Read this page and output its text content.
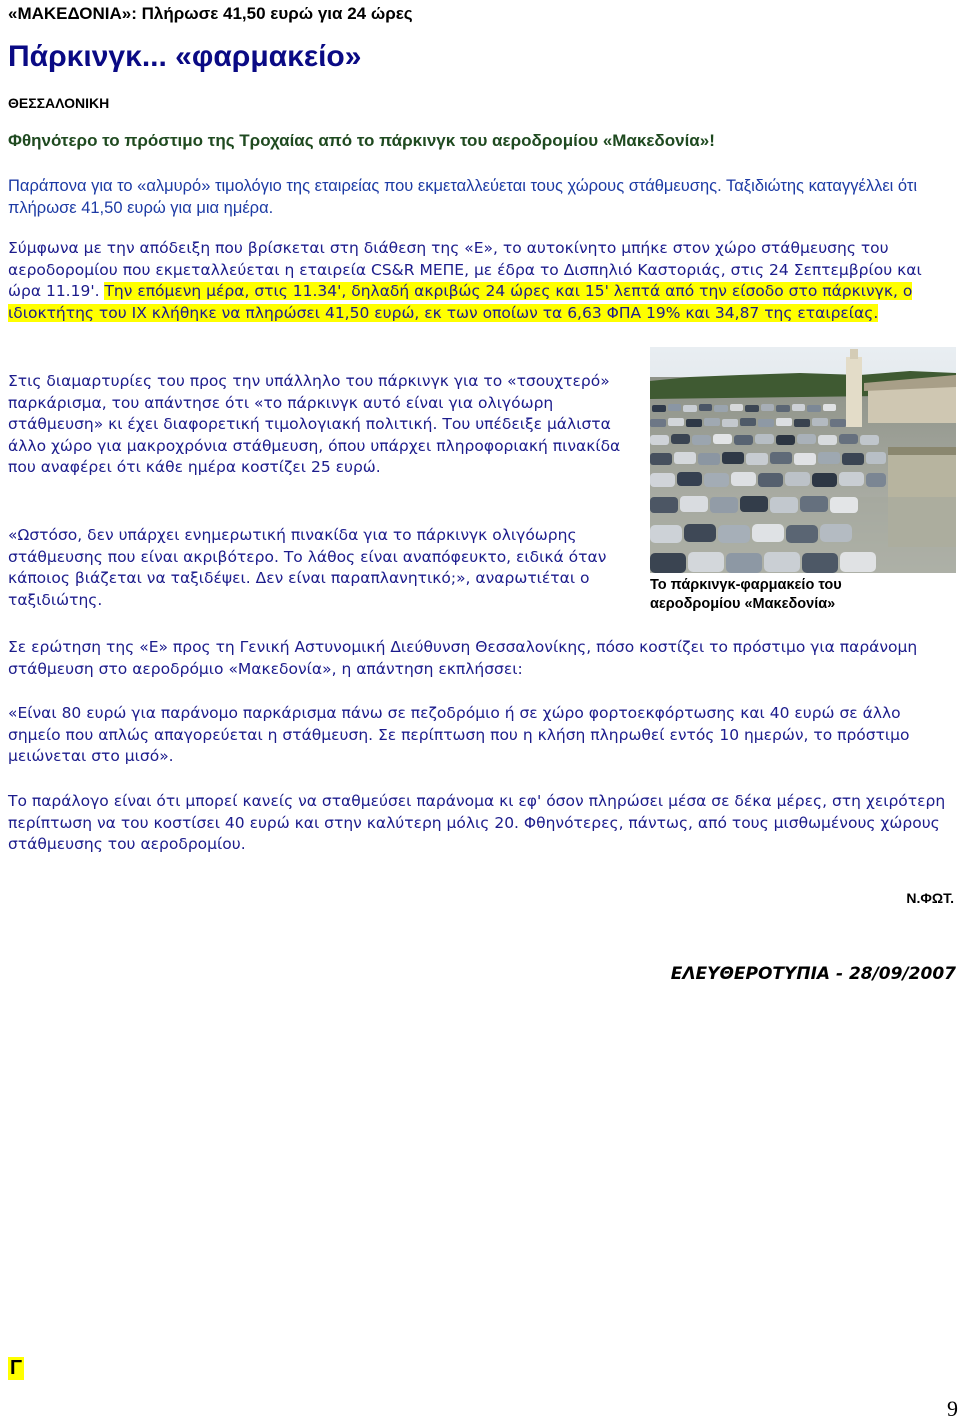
«ΜΑΚΕΔΟΝΙΑ»: Πλήρωσε 41,50 ευρώ για 24 ώρες
Πάρκινγκ... «φαρμακείο»
ΘΕΣΣΑΛΟΝΙΚΗ
Φθηνότερο το πρόστιμο της Τροχαίας από το πάρκινγκ του αεροδρομίου «Μακεδονία»!
Παράπονα για το «αλμυρό» τιμολόγιο της εταιρείας που εκμεταλλεύεται τους χώρους στάθμευσης. Ταξιδιώτης καταγγέλλει ότι πλήρωσε 41,50 ευρώ για μια ημέρα.
Σύμφωνα με την απόδειξη που βρίσκεται στη διάθεση της «Ε», το αυτοκίνητο μπήκε στον χώρο στάθμευσης του αεροδορομίου που εκμεταλλεύεται η εταιρεία CS&R ΜΕΠΕ, με έδρα το Δισπηλιό Καστοριάς, στις 24 Σεπτεμβρίου και ώρα 11.19'. Την επόμενη μέρα, στις 11.34', δηλαδή ακριβώς 24 ώρες και 15' λεπτά από την είσοδο στο πάρκινγκ, ο ιδιοκτήτης του ΙΧ κλήθηκε να πληρώσει 41,50 ευρώ, εκ των οποίων τα 6,63 ΦΠΑ 19% και 34,87 της εταιρείας.
Στις διαμαρτυρίες του προς την υπάλληλο του πάρκινγκ για το «τσουχτερό» παρκάρισμα, του απάντησε ότι «το πάρκινγκ αυτό είναι για ολιγόωρη στάθμευση» κι έχει διαφορετική τιμολογιακή πολιτική. Του υπέδειξε μάλιστα άλλο χώρο για μακροχρόνια στάθμευση, όπου υπάρχει πληροφοριακή πινακίδα που αναφέρει ότι κάθε ημέρα κοστίζει 25 ευρώ.
«Ωστόσο, δεν υπάρχει ενημερωτική πινακίδα για το πάρκινγκ ολιγόωρης στάθμευσης που είναι ακριβότερο. Το λάθος είναι αναπόφευκτο, ειδικά όταν κάποιος βιάζεται να ταξιδέψει. Δεν είναι παραπλανητικό;», αναρωτιέται ο ταξιδιώτης.
Το πάρκινγκ-φαρμακείο του
αεροδρομίου «Μακεδονία»
Σε ερώτηση της «Ε» προς τη Γενική Αστυνομική Διεύθυνση Θεσσαλονίκης, πόσο κοστίζει το πρόστιμο για παράνομη στάθμευση στο αεροδρόμιο «Μακεδονία», η απάντηση εκπλήσσει:
«Είναι 80 ευρώ για παράνομο παρκάρισμα πάνω σε πεζοδρόμιο ή σε χώρο φορτοεκφόρτωσης και 40 ευρώ σε άλλο σημείο που απλώς απαγορεύεται η στάθμευση. Σε περίπτωση που η κλήση πληρωθεί εντός 10 ημερών, το πρόστιμο μειώνεται στο μισό».
Το παράλογο είναι ότι μπορεί κανείς να σταθμεύσει παράνομα κι εφ' όσον πληρώσει μέσα σε δέκα μέρες, στη χειρότερη περίπτωση να του κοστίσει 40 ευρώ και στην καλύτερη μόλις 20. Φθηνότερες, πάντως, από τους μισθωμένους χώρους στάθμευσης του αεροδρομίου.
Ν.ΦΩΤ.
ΕΛΕΥΘΕΡΟΤΥΠΙΑ - 28/09/2007
Γ
9
